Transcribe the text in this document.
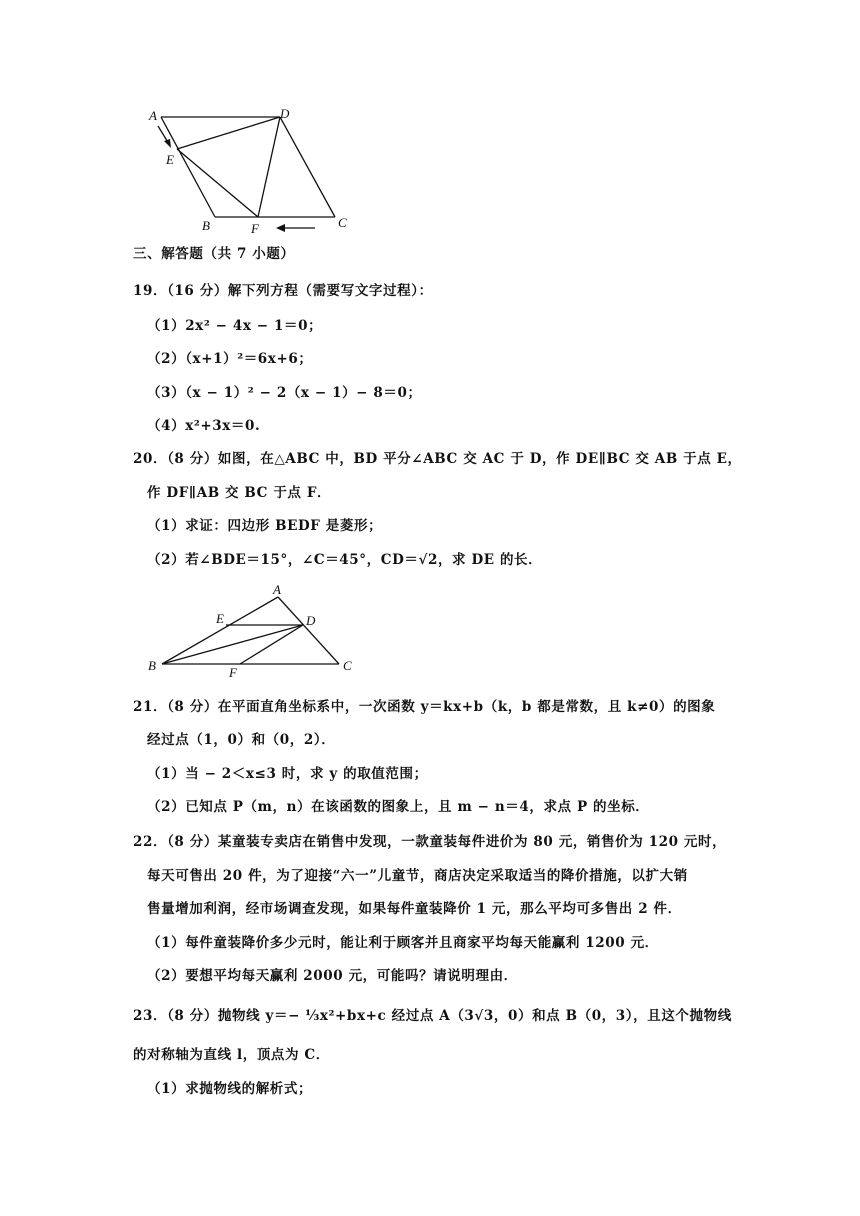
A	D
E
B	F	C
三、解答题（共 7 小题）
19．（16 分）解下列方程（需要写文字过程）：
（1）2x² − 4x − 1＝0；
（2）（x+1）²＝6x+6；
（3）（x − 1）² − 2（x − 1）− 8＝0；
（4）x²+3x＝0.
20．（8 分）如图，在△ABC 中，BD 平分∠ABC 交 AC 于 D，作 DE∥BC 交 AB 于点 E，
作 DF∥AB 交 BC 于点 F．
（1）求证：四边形 BEDF 是菱形；
（2）若∠BDE＝15°，∠C＝45°，CD＝√2，求 DE 的长．
A
E	D
B	F	C
21．（8 分）在平面直角坐标系中，一次函数 y＝kx+b（k，b 都是常数，且 k≠0）的图象
经过点（1，0）和（0，2）．
（1）当 − 2＜x≤3 时，求 y 的取值范围；
（2）已知点 P（m，n）在该函数的图象上，且 m − n＝4，求点 P 的坐标．
22．（8 分）某童装专卖店在销售中发现，一款童装每件进价为 80 元，销售价为 120 元时，
每天可售出 20 件，为了迎接“六一”儿童节，商店决定采取适当的降价措施，以扩大销
售量增加利润，经市场调查发现，如果每件童装降价 1 元，那么平均可多售出 2 件．
（1）每件童装降价多少元时，能让利于顾客并且商家平均每天能赢利 1200 元．
（2）要想平均每天赢利 2000 元，可能吗？请说明理由．
23．（8 分）抛物线 y＝− ⅓x²+bx+c 经过点 A（3√3，0）和点 B（0，3），且这个抛物线
的对称轴为直线 l，顶点为 C．
（1）求抛物线的解析式；
